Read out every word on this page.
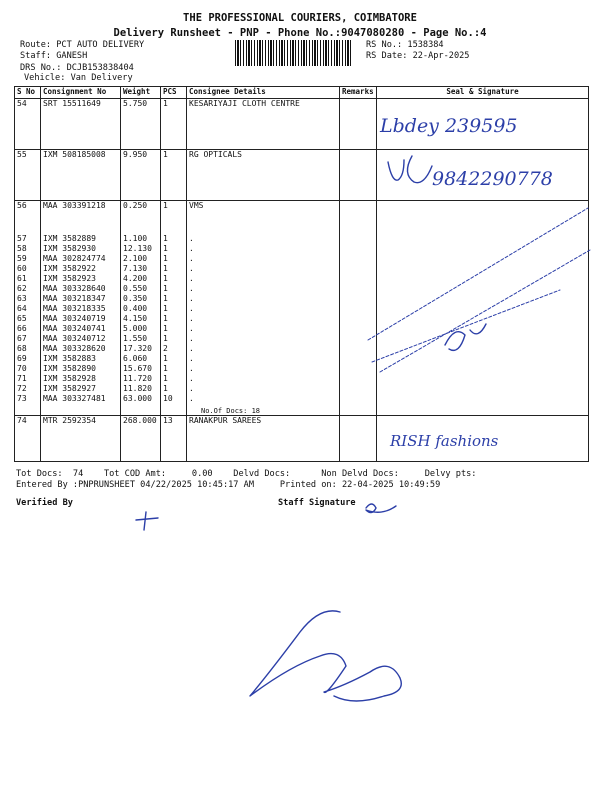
THE PROFESSIONAL COURIERS, COIMBATORE
Delivery Runsheet - PNP - Phone No.:9047080280 - Page No.:4
Route: PCT AUTO DELIVERY
Staff: GANESH
DRS No.: DCJB153838404
Vehicle: Van Delivery
RS No.: 1538384
RS Date: 22-Apr-2025
S No	Consignment No	Weight	PCS	Consignee Details	Remarks	Seal & Signature
54	SRT 15511649	5.750	1	KESARIYAJI CLOTH CENTRE		
55	IXM 508185008	9.950	1	RG OPTICALS		
56	MAA 303391218	0.250	1	VMS		
57	IXM 3582889	1.100	1	.		
58	IXM 3582930	12.130	1	.		
59	MAA 302824774	2.100	1	.		
60	IXM 3582922	7.130	1	.		
61	IXM 3582923	4.200	1	.		
62	MAA 303328640	0.550	1	.		
63	MAA 303218347	0.350	1	.		
64	MAA 303218335	0.400	1	.		
65	MAA 303240719	4.150	1	.		
66	MAA 303240741	5.000	1	.		
67	MAA 303240712	1.550	1	.		
68	MAA 303328620	17.320	2	.		
69	IXM 3582883	6.060	1	.		
70	IXM 3582890	15.670	1	.		
71	IXM 3582928	11.720	1	.		
72	IXM 3582927	11.820	1	.		
73	MAA 303327481	63.000	10	.		
				No.Of Docs: 18		
74	MTR 2592354	268.000	13	RANAKPUR SAREES		
Lbdey 239595
9842290778
RISH fashions
Tot Docs:  74    Tot COD Amt:     0.00    Delvd Docs:      Non Delvd Docs:     Delvy pts:
Entered By :PNPRUNSHEET 04/22/2025 10:45:17 AM     Printed on: 22-04-2025 10:49:59
Verified By	Staff Signature
